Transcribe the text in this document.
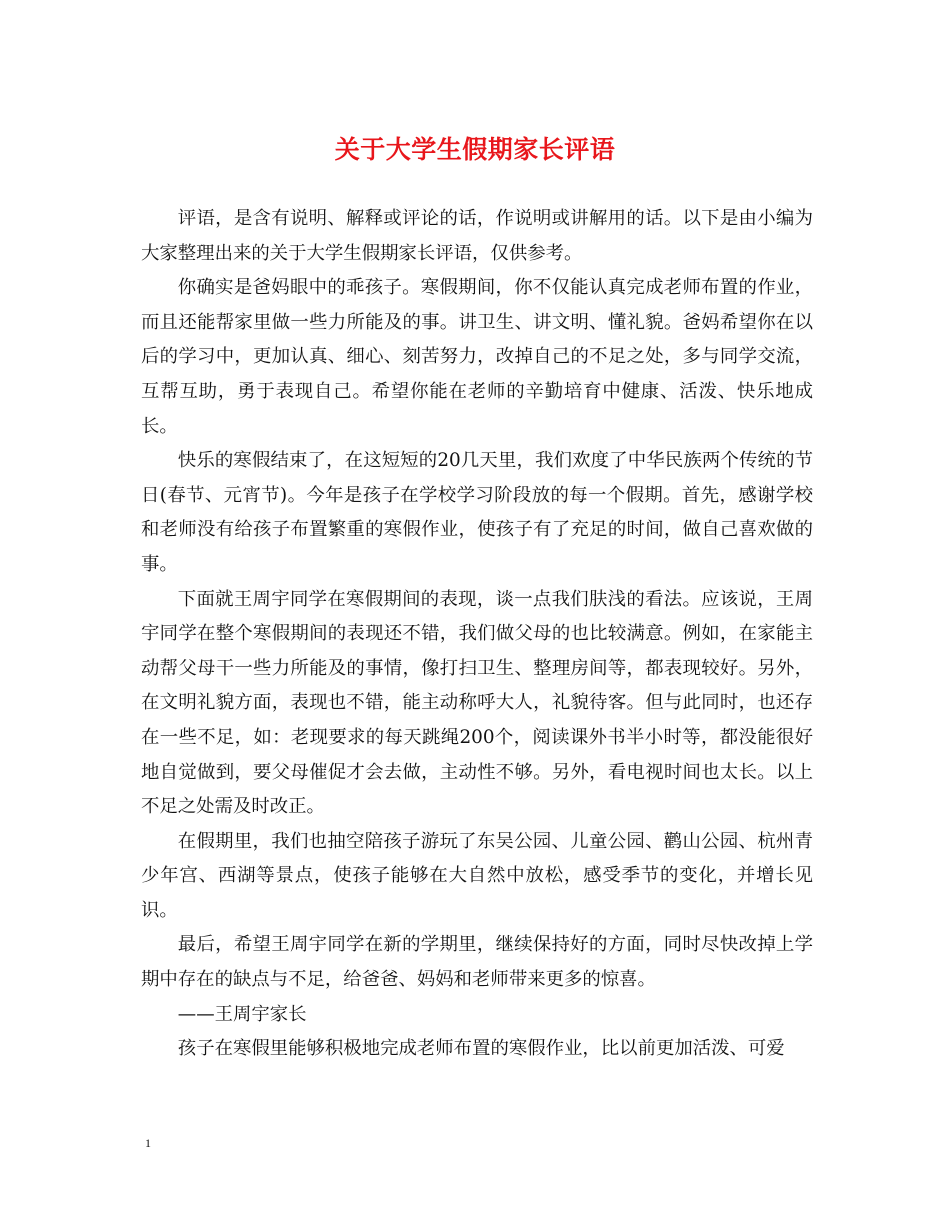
关于大学生假期家长评语

评语，是含有说明、解释或评论的话，作说明或讲解用的话。以下是由小编为大家整理出来的关于大学生假期家长评语，仅供参考。

你确实是爸妈眼中的乖孩子。寒假期间，你不仅能认真完成老师布置的作业，而且还能帮家里做一些力所能及的事。讲卫生、讲文明、懂礼貌。爸妈希望你在以后的学习中，更加认真、细心、刻苦努力，改掉自己的不足之处，多与同学交流，互帮互助，勇于表现自己。希望你能在老师的辛勤培育中健康、活泼、快乐地成长。

快乐的寒假结束了，在这短短的20几天里，我们欢度了中华民族两个传统的节日(春节、元宵节)。今年是孩子在学校学习阶段放的每一个假期。首先，感谢学校和老师没有给孩子布置繁重的寒假作业，使孩子有了充足的时间，做自己喜欢做的事。

下面就王周宇同学在寒假期间的表现，谈一点我们肤浅的看法。应该说，王周宇同学在整个寒假期间的表现还不错，我们做父母的也比较满意。例如，在家能主动帮父母干一些力所能及的事情，像打扫卫生、整理房间等，都表现较好。另外，在文明礼貌方面，表现也不错，能主动称呼大人，礼貌待客。但与此同时，也还存在一些不足，如：老现要求的每天跳绳200个，阅读课外书半小时等，都没能很好地自觉做到，要父母催促才会去做，主动性不够。另外，看电视时间也太长。以上不足之处需及时改正。

在假期里，我们也抽空陪孩子游玩了东吴公园、儿童公园、鹳山公园、杭州青少年宫、西湖等景点，使孩子能够在大自然中放松，感受季节的变化，并增长见识。

最后，希望王周宇同学在新的学期里，继续保持好的方面，同时尽快改掉上学期中存在的缺点与不足，给爸爸、妈妈和老师带来更多的惊喜。

——王周宇家长

孩子在寒假里能够积极地完成老师布置的寒假作业，比以前更加活泼、可爱

1
